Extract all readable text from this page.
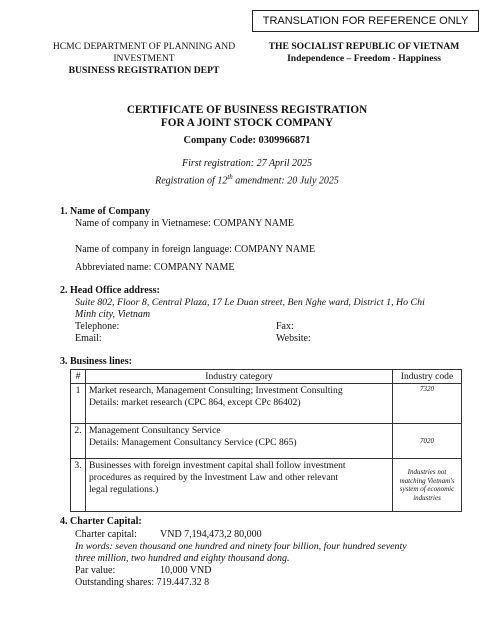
TRANSLATION FOR REFERENCE ONLY
HCMC DEPARTMENT OF PLANNING AND
INVESTMENT
BUSINESS REGISTRATION DEPT
THE SOCIALIST REPUBLIC OF VIETNAM
Independence – Freedom - Happiness
CERTIFICATE OF BUSINESS REGISTRATION
FOR A JOINT STOCK COMPANY
Company Code: 0309966871
First registration: 27 April 2025
Registration of 12th amendment: 20 July 2025
1. Name of Company
Name of company in Vietnamese: COMPANY NAME
Name of company in foreign language: COMPANY NAME
Abbreviated name: COMPANY NAME
2. Head Office address:
Suite 802, Floor 8, Central Plaza, 17 Le Duan street, Ben Nghe ward, District 1, Ho Chi
Minh city, Vietnam
Telephone:	Fax:
Email:	Website:
3. Business lines:
#	Industry category	Industry code
1	Market research, Management Consulting; Investment Consulting
Details: market research (CPC 864, except CPc 86402)	7320
2.	Management Consultancy Service
Details: Management Consultancy Service (CPC 865)	7020
3.	Businesses with foreign investment capital shall follow investment
procedures as required by the Investment Law and other relevant
legal regulations.)	Industries not matching Vietnam's system of economic industries
4. Charter Capital:
Charter capital: VND 7,194,473,2 80,000
In words: seven thousand one hundred and ninety four billion, four hundred seventy
three million, two hundred and eighty thousand dong.
Par value:	10,000 VND
Outstanding shares: 719.447.32 8
